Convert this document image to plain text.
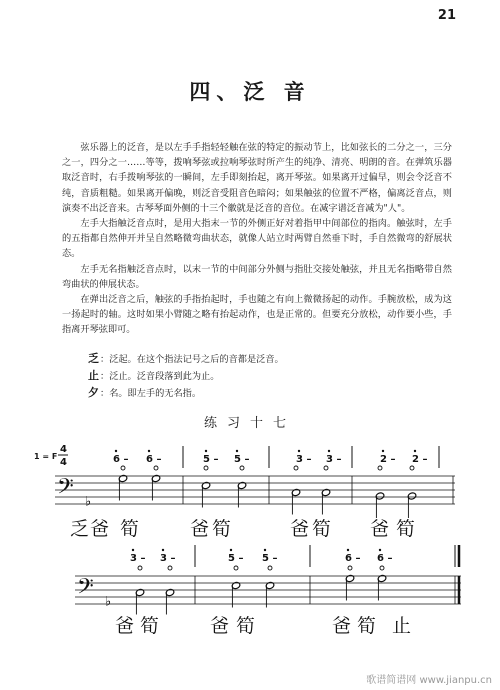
21
四、泛 音

弦乐器上的泛音，是以左手手指轻轻触在弦的特定的振动节上，比如弦长的二分之一，三分之一，四分之一……等等，拨响琴弦或拉响琴弦时所产生的纯净、清亮、明朗的音。在弹筑乐器取泛音时，右手拨响琴弦的一瞬间，左手即刻抬起，离开琴弦。如果离开过偏早，则会令泛音不纯，音质粗糙。如果离开偏晚，则泛音受阻音色暗闷；如果触弦的位置不严格，偏离泛音点，则演奏不出泛音来。古琴琴面外侧的十三个徽就是泛音的音位。在减字谱泛音减为"人"。

左手大指触泛音点时，是用大指末一节的外侧正好对着指甲中间部位的指肉。触弦时，左手的五指都自然伸开并呈自然略微弯曲状态，就像人站立时两臂自然垂下时，手自然微弯的舒展状态。

左手无名指触泛音点时，以末一节的中间部分外侧与指肚交接处触弦，并且无名指略带自然弯曲状的伸展状态。

在弹出泛音之后，触弦的手指抬起时，手也随之有向上微微扬起的动作。手腕放松，成为这一扬起时的轴。这时如果小臂随之略有抬起动作，也是正常的。但要充分放松，动作要小些，手指离开琴弦即可。

乏 ： 泛起。在这个指法记号之后的音都是泛音。
止 ： 泛止。泛音段落到此为止。
夕 ： 名。即左手的无名指。
练习十七
1 = F
4
4	6 – 6 –	5 – 5 –	3 – 3 –	2 – 2 –
𝄢 ♭
乏 爸 筍	爸 筍	爸 筍 爸 筍
3 – 3 –	5 – 5 –	6 – 6 –
𝄢 ♭
爸 筍	爸 筍	爸 筍 止
歌谱简谱网 www.jianpu.cn
